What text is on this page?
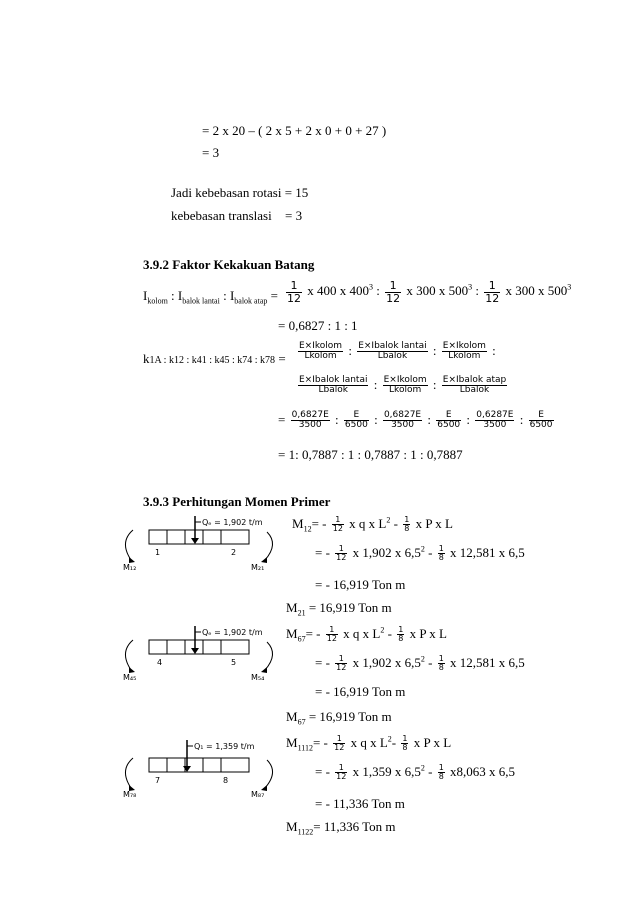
= 2 x 20 – ( 2 x 5 + 2 x 0 + 0 + 27 )
= 3
Jadi kebebasan rotasi = 15
kebebasan translasi = 3
3.9.2 Faktor Kekakuan Batang
$I_{kolom}$ : $I_{balok lantai}$ : $I_{balok atap} = \frac{1}{12}$ x 400 x $400^3$ : $\frac{1}{12}$ x 300 x $500^3$ : $\frac{1}{12}$ x 300 x $500^3$
= 0,6827 : 1 : 1
k1A : k12 : k41 : k45 : k74 : $k78 = \frac{\text{E×Ikolom}}{\text{Lkolom}}$ : $\frac{\text{E×Ibalok lantai}}{\text{Lbalok}}$ : $\frac{\text{E×Ikolom}}{\text{Lkolom}}$ :
$\frac{\text{E×Ibalok lantai}}{\text{Lbalok}}$ : $\frac{\text{E×Ikolom}}{\text{Lkolom}}$ : $\frac{\text{E×Ibalok atap}}{\text{Lbalok}}$
= $\frac{0,6827E}{3500}$ : $\frac{E}{6500}$ : $\frac{0,6827E}{3500}$ : $\frac{E}{6500}$ : $\frac{0,6287E}{3500}$ : $\frac{E}{6500}$
= 1: 0,7887 : 1 : 0,7887 : 1 : 0,7887
3.9.3 Perhitungan Momen Primer
Qₑ = 1,902 t/m
1	2
M₁₂	M₂₁
Qₑ = 1,902 t/m
4	5
M₄₅	M₅₄
Q₁ = 1,359 t/m
7	8
M₇₈	M₈₇
$M_{12}= - \frac{1}{12}$ x q x $L^2 - \frac{1}{8}$ x P x L
= - $\frac{1}{12}$ x 1,902 x $6,5^2 - \frac{1}{8}$ x 12,581 x 6,5
= - 16,919 Ton m
$M_{21} = 16,919$ Ton m
$M_{67}= - \frac{1}{12}$ x q x $L^2 - \frac{1}{8}$ x P x L
= - $\frac{1}{12}$ x 1,902 x $6,5^2 - \frac{1}{8}$ x 12,581 x 6,5
= - 16,919 Ton m
$M_{67} = 16,919$ Ton m
$M_{1112}= - \frac{1}{12}$ x q x $L^2- \frac{1}{8}$ x P x L
= - $\frac{1}{12}$ x 1,359 x $6,5^2 - \frac{1}{8} x8,063$ x 6,5
= - 11,336 Ton m
$M_{1122}= 11,336$ Ton m
